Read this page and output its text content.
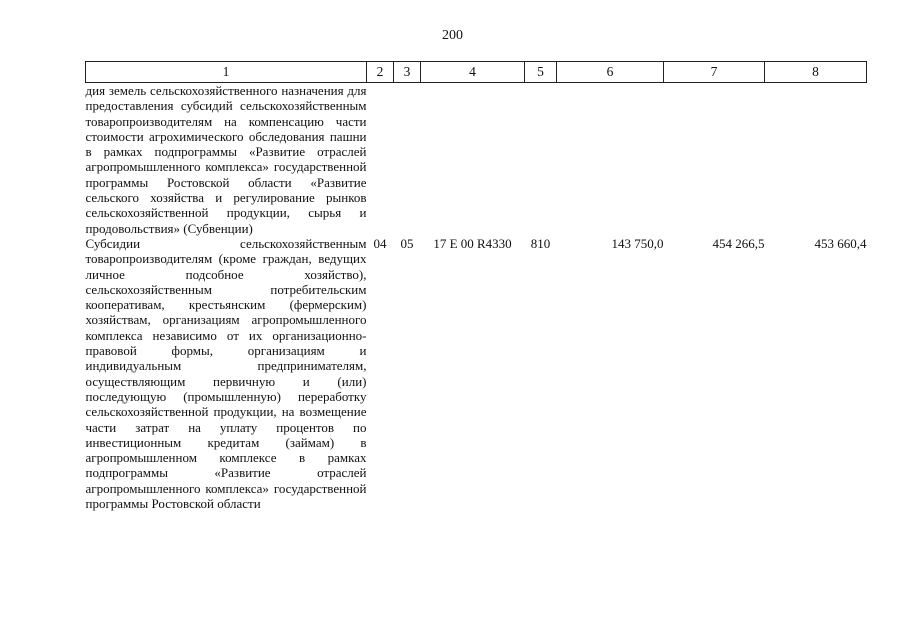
200
1	2	3	4	5	6	7	8
дия земель сельскохозяйственного назначения для предоставления субсидий сельскохозяйственным товаропроизводителям на компенсацию части стоимости агрохимического обследования пашни в рамках подпрограммы «Развитие отраслей агропромышленного комплекса» государственной программы Ростовской области «Развитие сельского хозяйства и регулирование рынков сельскохозяйственной продукции, сырья и продовольствия» (Субвенции)							
Субсидии сельскохозяйственным товаропроизводителям (кроме граждан, ведущих личное подсобное хозяйство), сельскохозяйственным потребительским кооперативам, крестьянским (фермерским) хозяйствам, организациям агропромышленного комплекса независимо от их организационно-правовой формы, организациям и индивидуальным предпринимателям, осуществляющим первичную и (или) последующую (промышленную) переработку сельскохозяйственной продукции, на возмещение части затрат на уплату процентов по инвестиционным кредитам (займам) в агропромышленном комплексе в рамках подпрограммы «Развитие отраслей агропромышленного комплекса» государственной программы Ростовской области	04	05	17 Е 00 R4330	810	143 750,0	454 266,5	453 660,4
